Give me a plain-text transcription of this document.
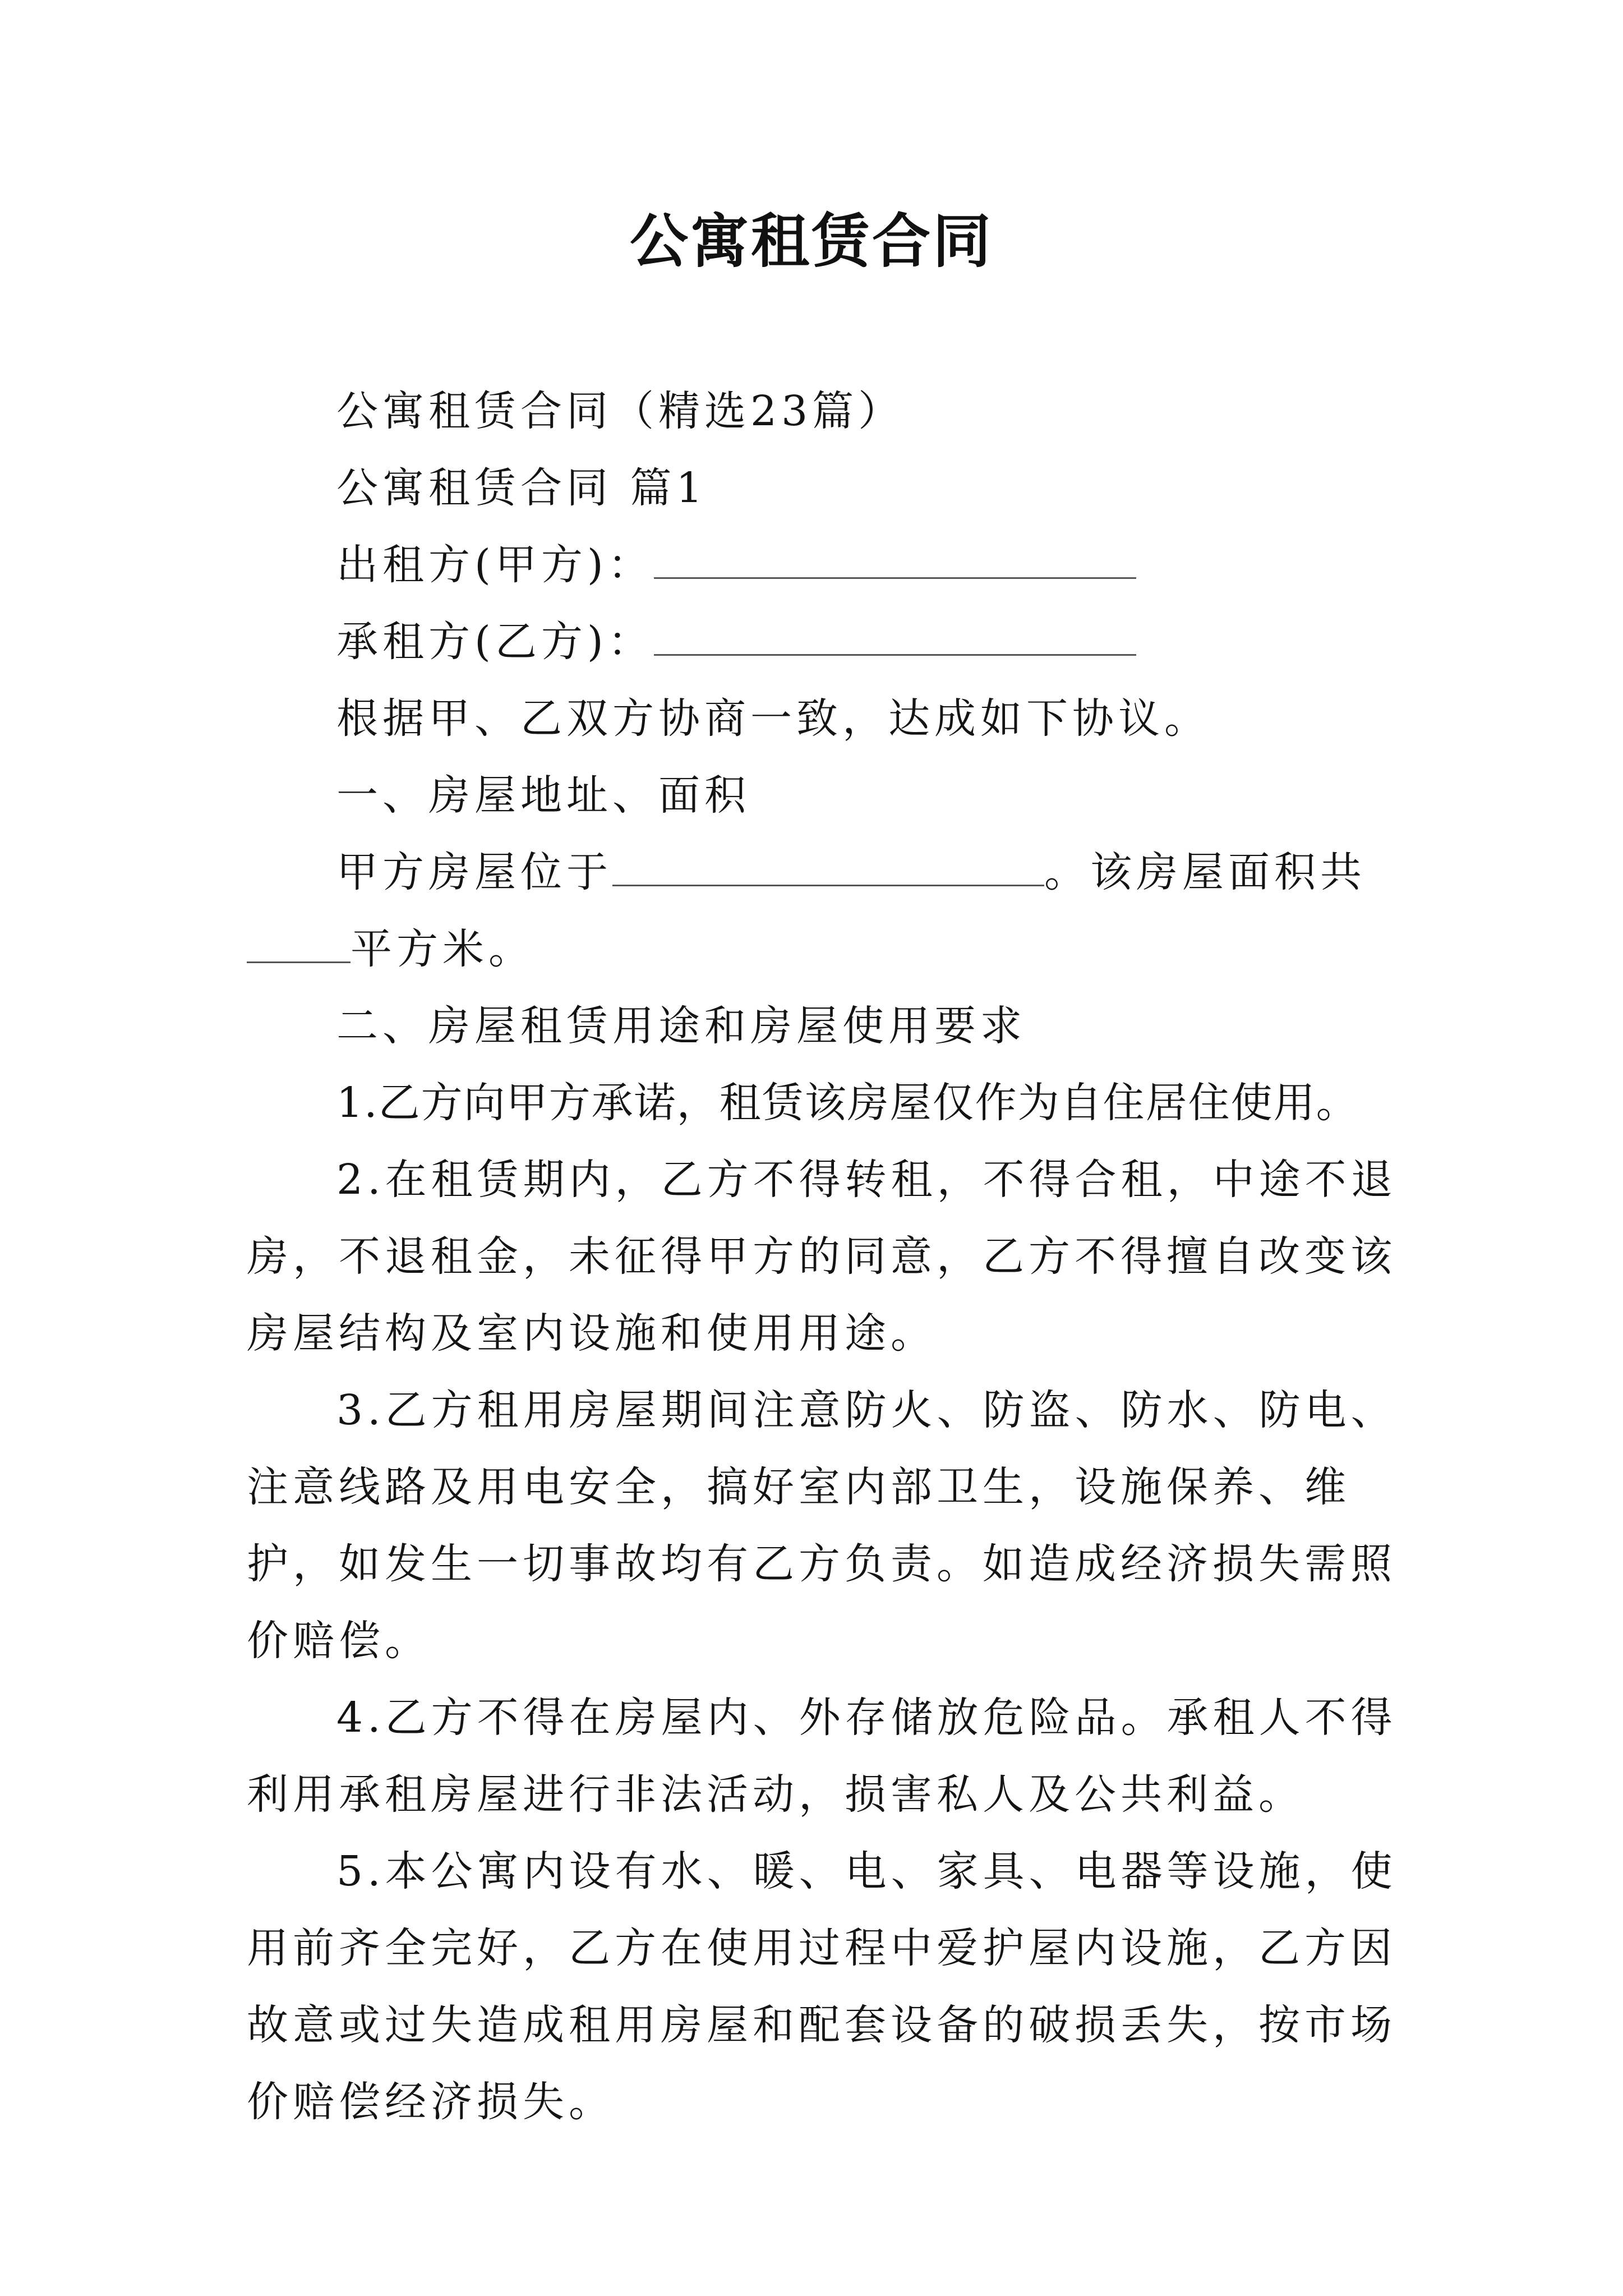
公寓租赁合同

公寓租赁合同（精选23篇）

公寓租赁合同 篇1

出租方(甲方)：

承租方(乙方)：

根据甲、乙双方协商一致，达成如下协议。

一、房屋地址、面积

甲方房屋位于	。该房屋面积共平方米。

二、房屋租赁用途和房屋使用要求

1.乙方向甲方承诺，租赁该房屋仅作为自住居住使用。

2.在租赁期内，乙方不得转租，不得合租，中途不退房，不退租金，未征得甲方的同意，乙方不得擅自改变该房屋结构及室内设施和使用用途。

3.乙方租用房屋期间注意防火、防盗、防水、防电、注意线路及用电安全，搞好室内部卫生，设施保养、维护，如发生一切事故均有乙方负责。如造成经济损失需照价赔偿。

4.乙方不得在房屋内、外存储放危险品。承租人不得利用承租房屋进行非法活动，损害私人及公共利益。

5.本公寓内设有水、暖、电、家具、电器等设施，使用前齐全完好，乙方在使用过程中爱护屋内设施，乙方因故意或过失造成租用房屋和配套设备的破损丢失，按市场价赔偿经济损失。
